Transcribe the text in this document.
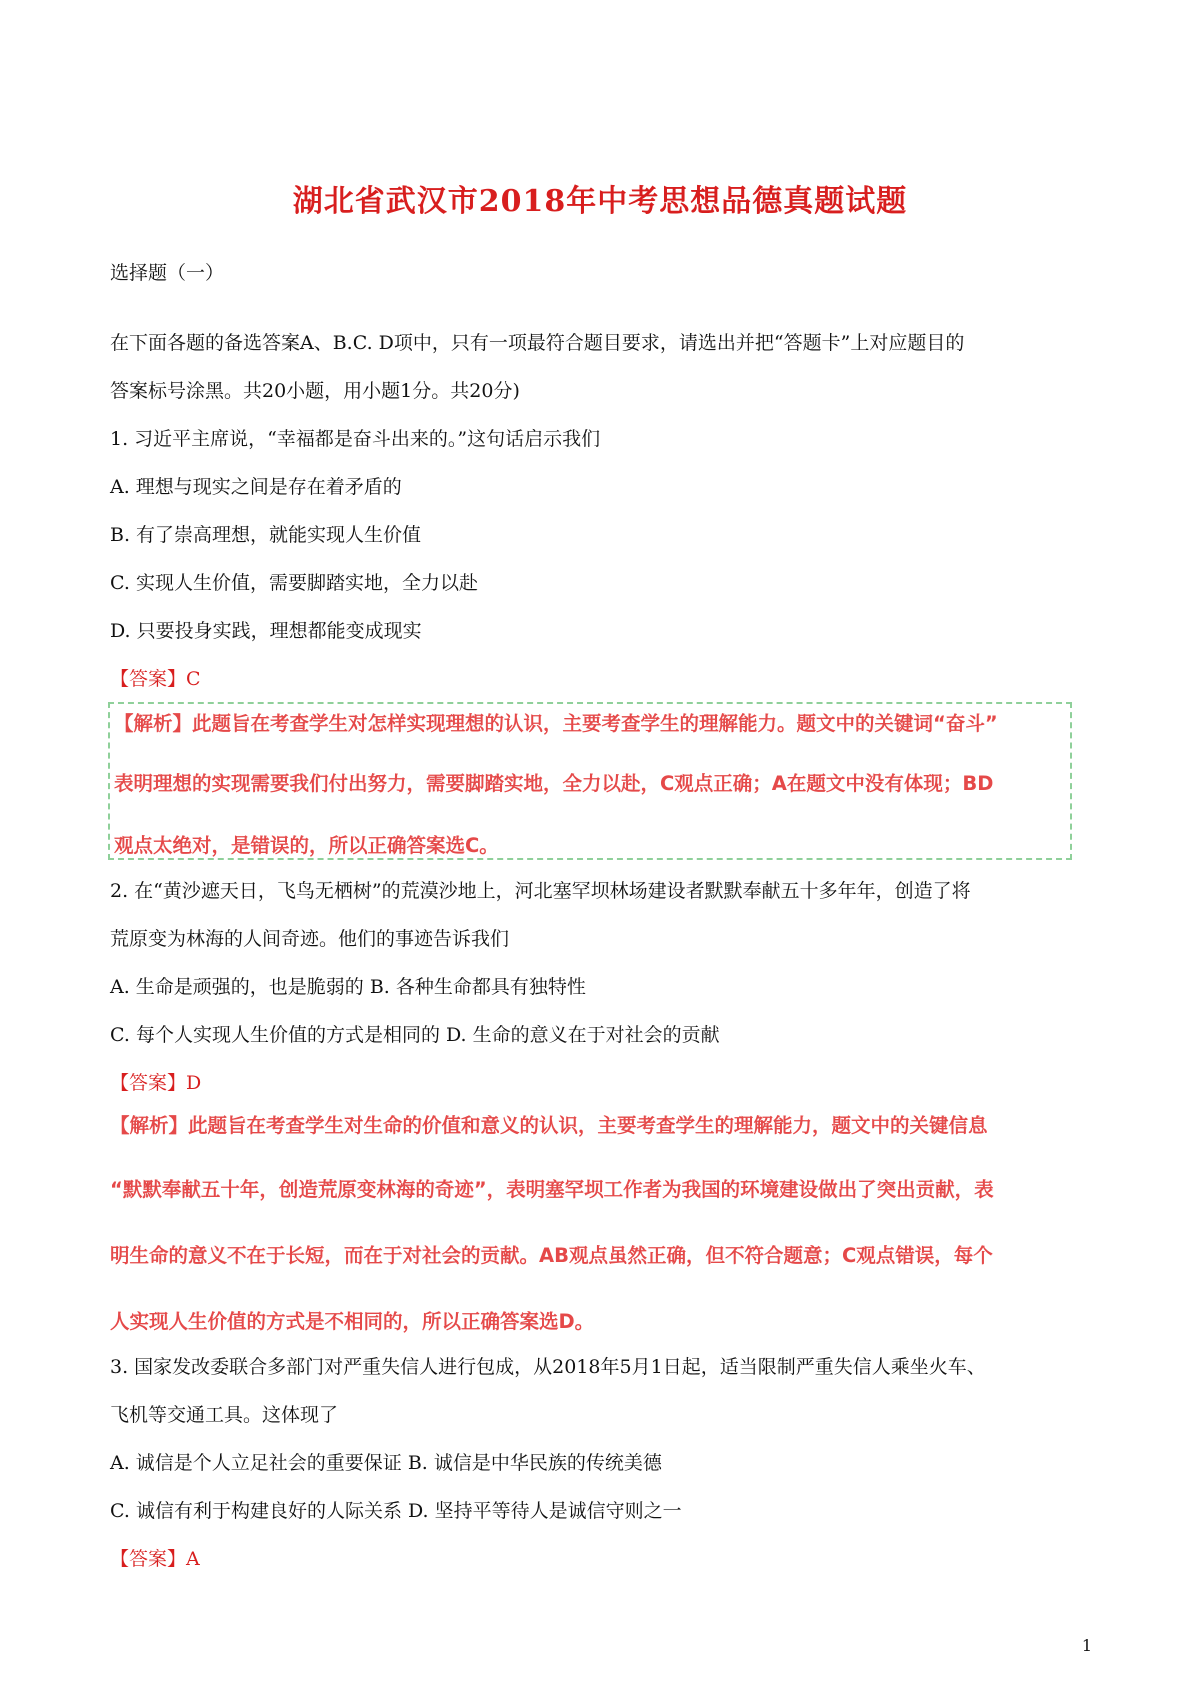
湖北省武汉市2018年中考思想品德真题试题
选择题（一）
在下面各题的备选答案A、B.C. D项中，只有一项最符合题目要求，请选出并把“答题卡”上对应题目的
答案标号涂黑。共20小题，用小题1分。共20分)
1. 习近平主席说，“幸福都是奋斗出来的。”这句话启示我们
A. 理想与现实之间是存在着矛盾的
B. 有了崇高理想，就能实现人生价值
C. 实现人生价值，需要脚踏实地，全力以赴
D. 只要投身实践，理想都能变成现实
【答案】C
【解析】此题旨在考查学生对怎样实现理想的认识，主要考查学生的理解能力。题文中的关键词“奋斗”
表明理想的实现需要我们付出努力，需要脚踏实地，全力以赴，C观点正确；A在题文中没有体现；BD
观点太绝对，是错误的，所以正确答案选C。
2. 在“黄沙遮天日，飞鸟无栖树”的荒漠沙地上，河北塞罕坝林场建设者默默奉献五十多年年，创造了将
荒原变为林海的人间奇迹。他们的事迹告诉我们
A. 生命是顽强的，也是脆弱的 B. 各种生命都具有独特性
C. 每个人实现人生价值的方式是相同的 D. 生命的意义在于对社会的贡献
【答案】D
【解析】此题旨在考查学生对生命的价值和意义的认识，主要考查学生的理解能力，题文中的关键信息
“默默奉献五十年，创造荒原变林海的奇迹”，表明塞罕坝工作者为我国的环境建设做出了突出贡献，表
明生命的意义不在于长短，而在于对社会的贡献。AB观点虽然正确，但不符合题意；C观点错误，每个
人实现人生价值的方式是不相同的，所以正确答案选D。
3. 国家发改委联合多部门对严重失信人进行包成，从2018年5月1日起，适当限制严重失信人乘坐火车、
飞机等交通工具。这体现了
A. 诚信是个人立足社会的重要保证 B. 诚信是中华民族的传统美德
C. 诚信有利于构建良好的人际关系 D. 坚持平等待人是诚信守则之一
【答案】A
1
